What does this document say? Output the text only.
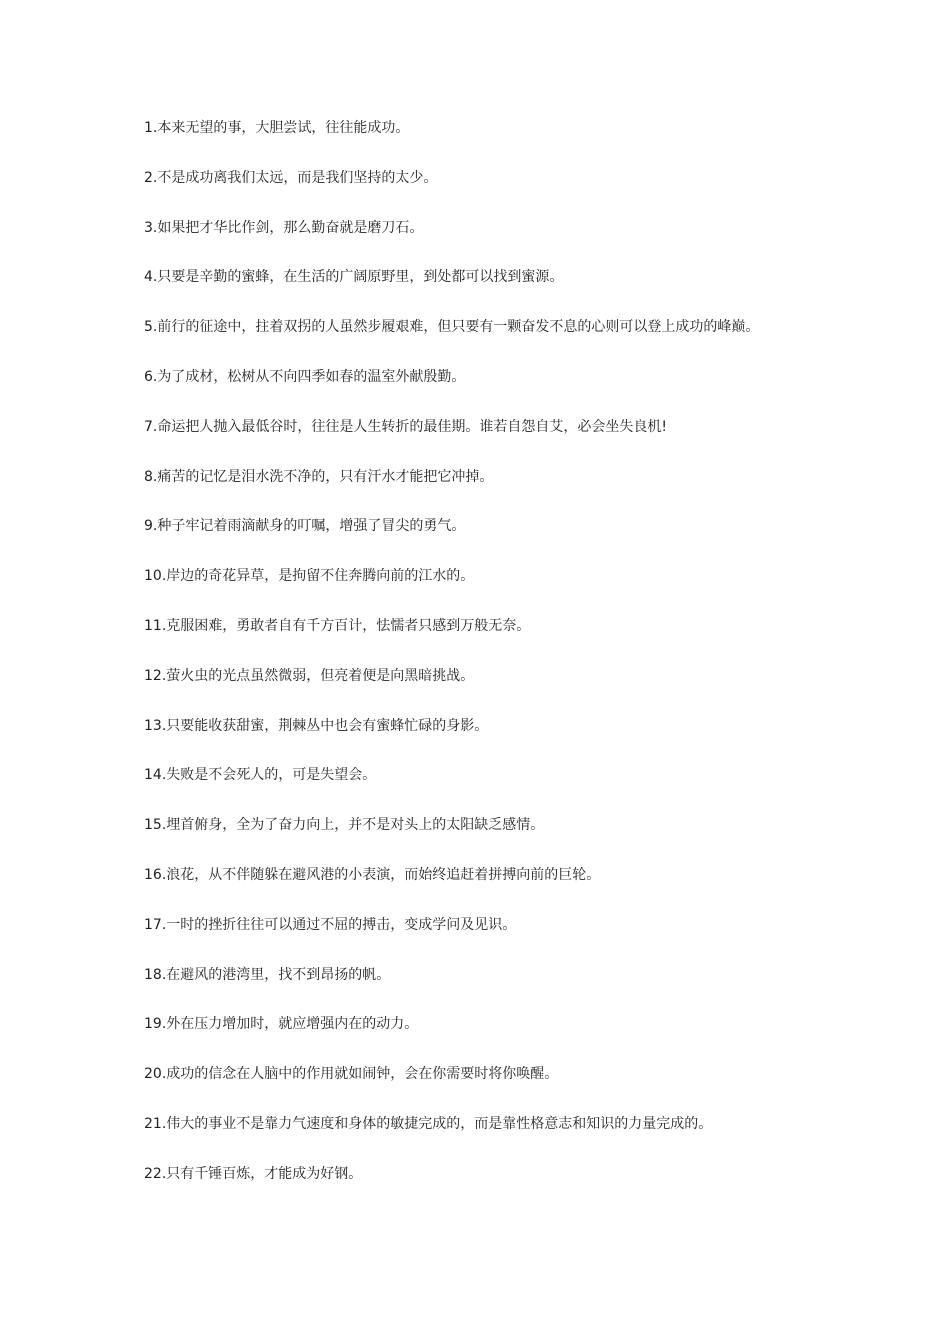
1.本来无望的事，大胆尝试，往往能成功。
2.不是成功离我们太远，而是我们坚持的太少。
3.如果把才华比作剑，那么勤奋就是磨刀石。
4.只要是辛勤的蜜蜂，在生活的广阔原野里，到处都可以找到蜜源。
5.前行的征途中，拄着双拐的人虽然步履艰难，但只要有一颗奋发不息的心则可以登上成功的峰巅。
6.为了成材，松树从不向四季如春的温室外献殷勤。
7.命运把人抛入最低谷时，往往是人生转折的最佳期。谁若自怨自艾，必会坐失良机!
8.痛苦的记忆是泪水洗不净的，只有汗水才能把它冲掉。
9.种子牢记着雨滴献身的叮嘱，增强了冒尖的勇气。
10.岸边的奇花异草，是拘留不住奔腾向前的江水的。
11.克服困难，勇敢者自有千方百计，怯懦者只感到万般无奈。
12.萤火虫的光点虽然微弱，但亮着便是向黑暗挑战。
13.只要能收获甜蜜，荆棘丛中也会有蜜蜂忙碌的身影。
14.失败是不会死人的，可是失望会。
15.埋首俯身，全为了奋力向上，并不是对头上的太阳缺乏感情。
16.浪花，从不伴随躲在避风港的小表演，而始终追赶着拼搏向前的巨轮。
17.一时的挫折往往可以通过不屈的搏击，变成学问及见识。
18.在避风的港湾里，找不到昂扬的帆。
19.外在压力增加时，就应增强内在的动力。
20.成功的信念在人脑中的作用就如闹钟，会在你需要时将你唤醒。
21.伟大的事业不是靠力气速度和身体的敏捷完成的，而是靠性格意志和知识的力量完成的。
22.只有千锤百炼，才能成为好钢。
